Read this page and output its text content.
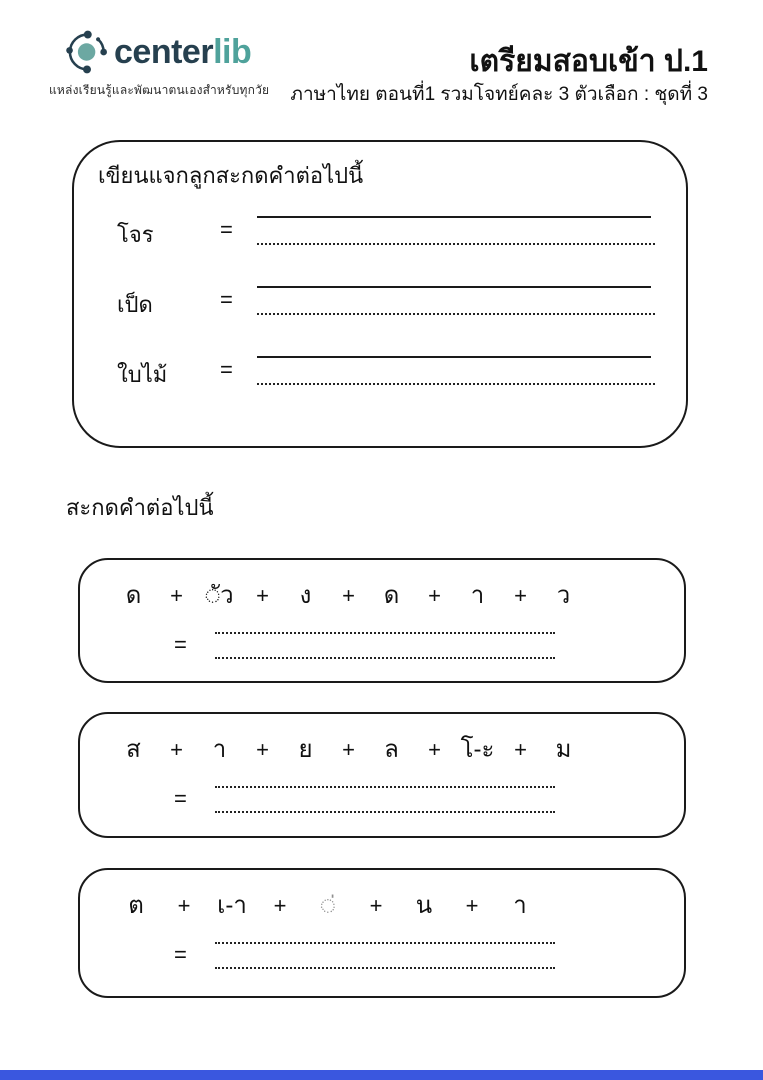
centerlib
แหล่งเรียนรู้และพัฒนาตนเองสำหรับทุกวัย
เตรียมสอบเข้า ป.1
ภาษาไทย ตอนที่1 รวมโจทย์คละ 3 ตัวเลือก : ชุดที่ 3
เขียนแจกลูกสะกดคำต่อไปนี้
โจร	=
เป็ด	=
ใบไม้ =
สะกดคำต่อไปนี้
ด	+ ◌ัว	+	ง	+	ด	+	า	+	ว
=
ส	+	า	+	ย	+	ล	+ โ-ะ +	ม
=
ต	+	เ-า	+	◌่	+	น	+	า
=
